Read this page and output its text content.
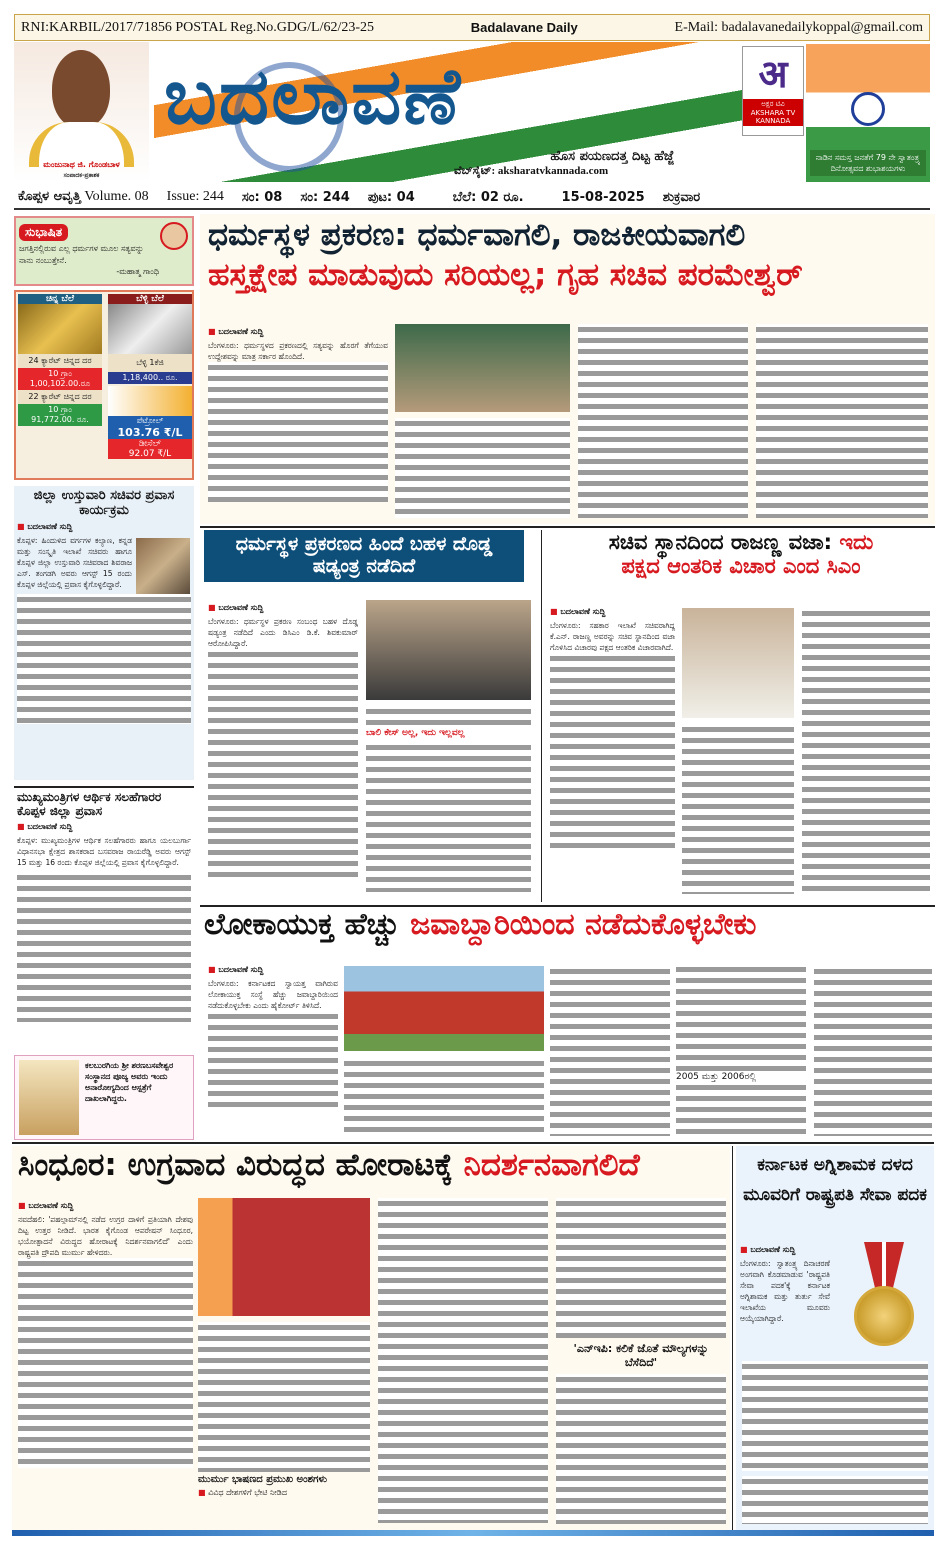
RNI:KARBIL/2017/71856 POSTAL Reg.No.GDG/L/62/23-25	Badalavane Daily	E-Mail: badalavanedailykoppal@gmail.com
ಮಂಜುನಾಥ ಜಿ. ಗೊಂಡಬಾಳ
ಸಂಪಾದಕ-ಪ್ರಕಾಶಕ
ಬದಲಾವಣೆ
ಹೊಸ ಪಯಣದತ್ತ ದಿಟ್ಟ ಹೆಜ್ಜೆ
ವೆಬ್‌ಸೈಟ್: aksharatvkannada.com
अ
ಅಕ್ಷರ ಟಿವಿ AKSHARA TV KANNADA
ನಾಡಿನ ಸಮಸ್ತ ಜನತೆಗೆ 79 ನೇ ಸ್ವಾತಂತ್ರ್ಯ ದಿನೋತ್ಸವದ ಶುಭಾಶಯಗಳು
ಕೊಪ್ಪಳ ಆವೃತ್ತಿ Volume. 08 Issue: 244 ಸಂ: 08 ಸಂ: 244 ಪುಟ: 04	ಬೆಲೆ: 02 ರೂ.	15-08-2025 ಶುಕ್ರವಾರ
ಸುಭಾಷಿತ
ಜಗತ್ತಿನಲ್ಲಿರುವ ಎಲ್ಲ ಧರ್ಮಗಳ ಮೂಲ ಸತ್ಯವನ್ನು ನಾನು ನಂಬುತ್ತೇನೆ.
-ಮಹಾತ್ಮ ಗಾಂಧಿ
ಚಿನ್ನ ಬೆಲೆ
24 ಕ್ಯಾರೆಟ್ ಚಿನ್ನದ ದರ
10 ಗ್ರಾಂ
1,00,102.00.ರೂ
22 ಕ್ಯಾರೆಟ್ ಚಿನ್ನದ ದರ
10 ಗ್ರಾಂ
91,772.00. ರೂ.
ಬೆಳ್ಳಿ ಬೆಲೆ
ಬೆಳ್ಳಿ 1ಕೆಜಿ
1,18,400.. ರೂ.
ಪೆಟ್ರೋಲ್
103.76 ₹/L
ಡೀಸೆಲ್
92.07 ₹/L
ಜಿಲ್ಲಾ ಉಸ್ತುವಾರಿ ಸಚಿವರ ಪ್ರವಾಸ ಕಾರ್ಯಕ್ರಮ
■ ಬದಲಾವಣೆ ಸುದ್ದಿ
ಕೊಪ್ಪಳ: ಹಿಂದುಳಿದ ವರ್ಗಗಳ ಕಲ್ಯಾಣ, ಕನ್ನಡ ಮತ್ತು ಸಂಸ್ಕೃತಿ ಇಲಾಖೆ ಸಚಿವರು ಹಾಗೂ ಕೊಪ್ಪಳ ಜಿಲ್ಲಾ ಉಸ್ತುವಾರಿ ಸಚಿವರಾದ ಶಿವರಾಜ ಎಸ್. ತಂಗಡಗಿ ಅವರು ಆಗಸ್ಟ್ 15 ರಂದು ಕೊಪ್ಪಳ ಜಿಲ್ಲೆಯಲ್ಲಿ ಪ್ರವಾಸ ಕೈಗೊಳ್ಳಲಿದ್ದಾರೆ.
ಮುಖ್ಯಮಂತ್ರಿಗಳ ಆರ್ಥಿಕ ಸಲಹೆಗಾರರ ಕೊಪ್ಪಳ ಜಿಲ್ಲಾ ಪ್ರವಾಸ
■ ಬದಲಾವಣೆ ಸುದ್ದಿ
ಕೊಪ್ಪಳ: ಮುಖ್ಯಮಂತ್ರಿಗಳ ಆರ್ಥಿಕ ಸಲಹೆಗಾರರು ಹಾಗೂ ಯಲಬುರ್ಗಾ ವಿಧಾನಸಭಾ ಕ್ಷೇತ್ರದ ಶಾಸಕರಾದ ಬಸವರಾಜ ರಾಯರೆಡ್ಡಿ ಅವರು ಆಗಸ್ಟ್ 15 ಮತ್ತು 16 ರಂದು ಕೊಪ್ಪಳ ಜಿಲ್ಲೆಯಲ್ಲಿ ಪ್ರವಾಸ ಕೈಗೊಳ್ಳಲಿದ್ದಾರೆ.
ಕಲಬುರಗಿಯ ಶ್ರೀ ಶರಣಬಸವೇಶ್ವರ ಸಂಸ್ಥಾನದ ಪೂಜ್ಯ ಅವರು ಇಂದು ಅನಾರೋಗ್ಯದಿಂದ ಆಸ್ಪತ್ರೆಗೆ ದಾಖಲಾಗಿದ್ದರು.
ಧರ್ಮಸ್ಥಳ ಪ್ರಕರಣ: ಧರ್ಮವಾಗಲಿ, ರಾಜಕೀಯವಾಗಲಿ
ಹಸ್ತಕ್ಷೇಪ ಮಾಡುವುದು ಸರಿಯಲ್ಲ; ಗೃಹ ಸಚಿವ ಪರಮೇಶ್ವರ್
■ ಬದಲಾವಣೆ ಸುದ್ದಿ
ಬೆಂಗಳೂರು: ಧರ್ಮಸ್ಥಳದ ಪ್ರಕರಣದಲ್ಲಿ ಸತ್ಯವನ್ನು ಹೊರಗೆ ತೆಗೆಯುವ ಉದ್ದೇಶವನ್ನು ಮಾತ್ರ ಸರ್ಕಾರ ಹೊಂದಿದೆ.
ಧರ್ಮಸ್ಥಳ ಪ್ರಕರಣದ ಹಿಂದೆ ಬಹಳ ದೊಡ್ಡ ಷಡ್ಯಂತ್ರ ನಡೆದಿದೆ
■ ಬದಲಾವಣೆ ಸುದ್ದಿ
ಬೆಂಗಳೂರು: ಧರ್ಮಸ್ಥಳ ಪ್ರಕರಣ ಸಂಬಂಧ ಬಹಳ ದೊಡ್ಡ ಷಡ್ಯಂತ್ರ ನಡೆದಿದೆ ಎಂದು ಡಿಸಿಎಂ ಡಿ.ಕೆ. ಶಿವಕುಮಾರ್ ಆರೋಪಿಸಿದ್ದಾರೆ.
ಬಾಲಿ ಕೇಸ್ ಅಲ್ಲ, ಇದು ಇಲ್ಲವಲ್ಲ
ಸಚಿವ ಸ್ಥಾನದಿಂದ ರಾಜಣ್ಣ ವಜಾ: ಇದು
ಪಕ್ಷದ ಆಂತರಿಕ ವಿಚಾರ ಎಂದ ಸಿಎಂ
■ ಬದಲಾವಣೆ ಸುದ್ದಿ
ಬೆಂಗಳೂರು: ಸಹಕಾರ ಇಲಾಖೆ ಸಚಿವರಾಗಿದ್ದ ಕೆ.ಎನ್. ರಾಜಣ್ಣ ಅವರನ್ನು ಸಚಿವ ಸ್ಥಾನದಿಂದ ವಜಾ ಗೊಳಿಸಿದ ವಿಚಾರವು ಪಕ್ಷದ ಆಂತರಿಕ ವಿಚಾರವಾಗಿದೆ.
ಲೋಕಾಯುಕ್ತ ಹೆಚ್ಚು ಜವಾಬ್ದಾರಿಯಿಂದ ನಡೆದುಕೊಳ್ಳಬೇಕು
■ ಬದಲಾವಣೆ ಸುದ್ದಿ
ಬೆಂಗಳೂರು: ಕರ್ನಾಟಕದ ಸ್ವಾಯತ್ತ ವಾಗಿರುವ ಲೋಕಾಯುಕ್ತ ಸಂಸ್ಥೆ ಹೆಚ್ಚು ಜವಾಬ್ದಾರಿಯಿಂದ ನಡೆದುಕೊಳ್ಳಬೇಕು ಎಂದು ಹೈಕೋರ್ಟ್ ತಿಳಿಸಿದೆ.
2005 ಮತ್ತು 2006ರಲ್ಲಿ
ಸಿಂಧೂರ: ಉಗ್ರವಾದ ವಿರುದ್ಧದ ಹೋರಾಟಕ್ಕೆ ನಿದರ್ಶನವಾಗಲಿದೆ
■ ಬದಲಾವಣೆ ಸುದ್ದಿ
ನವದೆಹಲಿ: 'ಪಹಲ್ಗಾಮ್‌ನಲ್ಲಿ ನಡೆದ ಉಗ್ರರ ದಾಳಿಗೆ ಪ್ರತಿಯಾಗಿ ದೇಶವು ದಿಟ್ಟ ಉತ್ತರ ನೀಡಿದೆ. ಭಾರತ ಕೈಗೊಂಡ ಆಪರೇಷನ್ ಸಿಂಧೂರ, ಭಯೋತ್ಪಾದನೆ ವಿರುದ್ಧದ ಹೋರಾಟಕ್ಕೆ ನಿದರ್ಶನವಾಗಲಿದೆ' ಎಂದು ರಾಷ್ಟ್ರಪತಿ ದ್ರೌಪದಿ ಮುರ್ಮು ಹೇಳಿದರು.
ಮುರ್ಮು ಭಾಷಣದ ಪ್ರಮುಖ ಅಂಶಗಳು
■ ವಿವಿಧ ದೇಶಗಳಿಗೆ ಭೇಟಿ ನೀಡಿದ
'ಎನ್‌ಇಪಿ: ಕಲಿಕೆ ಜೊತೆ ಮೌಲ್ಯಗಳನ್ನು ಬೆಸೆದಿದೆ'
ಕರ್ನಾಟಕ ಅಗ್ನಿಶಾಮಕ ದಳದ ಮೂವರಿಗೆ ರಾಷ್ಟ್ರಪತಿ ಸೇವಾ ಪದಕ
■ ಬದಲಾವಣೆ ಸುದ್ದಿ
ಬೆಂಗಳೂರು: ಸ್ವಾತಂತ್ರ್ಯ ದಿನಾಚರಣೆ ಅಂಗವಾಗಿ ಕೊಡಮಾಡುವ 'ರಾಷ್ಟ್ರಪತಿ ಸೇವಾ ಪದಕ'ಕ್ಕೆ ಕರ್ನಾಟಕ ಅಗ್ನಿಶಾಮಕ ಮತ್ತು ತುರ್ತು ಸೇವೆ ಇಲಾಖೆಯ ಮೂವರು ಆಯ್ಕೆಯಾಗಿದ್ದಾರೆ.
